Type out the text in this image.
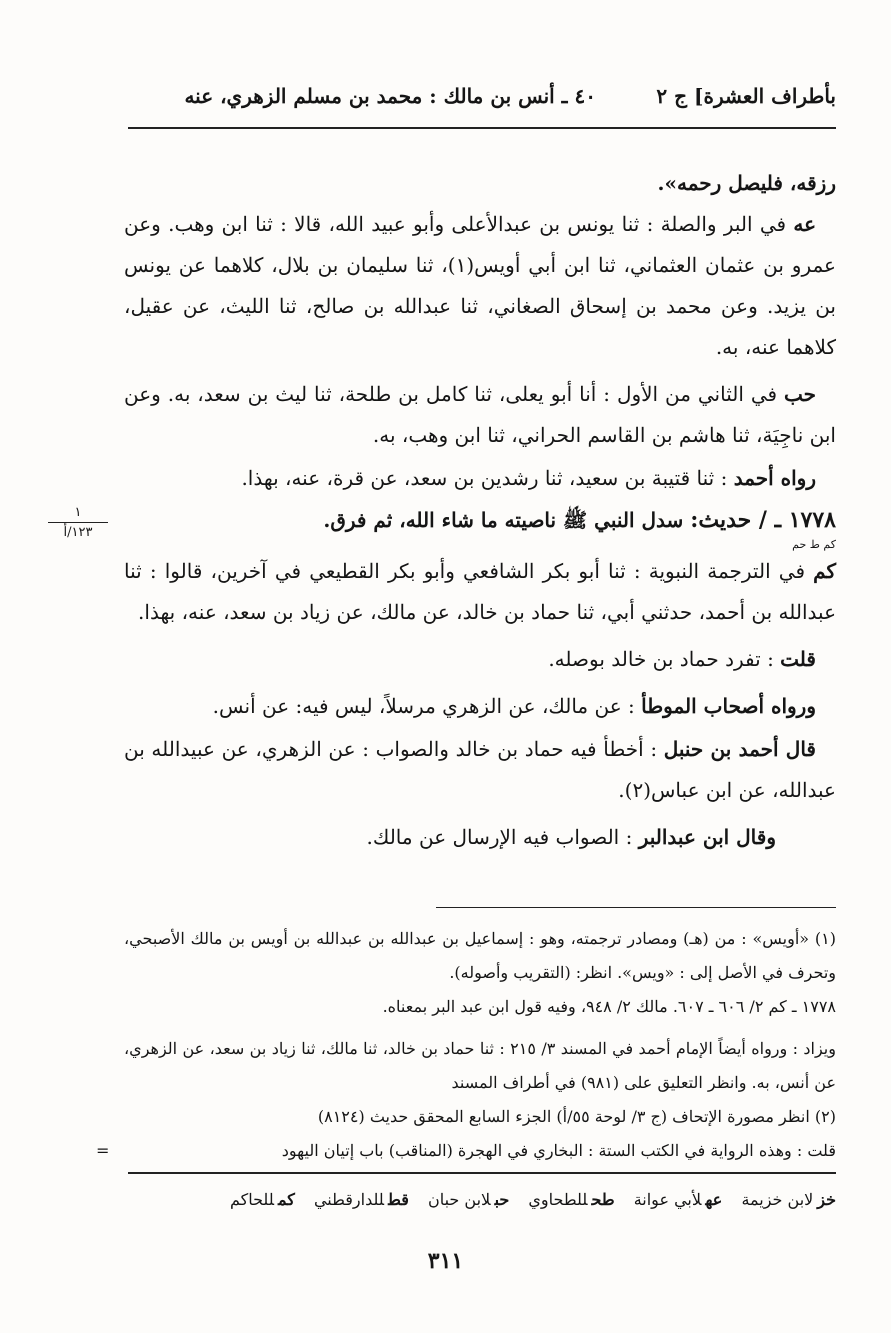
بأطراف العشرة] ج ٢
٤٠ ـ أنس بن مالك : محمد بن مسلم الزهري، عنه
١
١٢٣/أ

رزقه، فليصل رحمه».

عه في البر والصلة : ثنا يونس بن عبدالأعلى وأبو عبيد الله، قالا : ثنا ابن وهب. وعن عمرو بن عثمان العثماني، ثنا ابن أبي أويس(١)، ثنا سليمان بن بلال، كلاهما عن يونس بن يزيد. وعن محمد بن إسحاق الصغاني، ثنا عبدالله بن صالح، ثنا الليث، عن عقيل، كلاهما عنه، به.

حب في الثاني من الأول : أنا أبو يعلى، ثنا كامل بن طلحة، ثنا ليث بن سعد، به. وعن ابن ناجِيَة، ثنا هاشم بن القاسم الحراني، ثنا ابن وهب، به.

رواه أحمد : ثنا قتيبة بن سعيد، ثنا رشدين بن سعد، عن قرة، عنه، بهذا.

١٧٧٨ ـ / حديث: سدل النبي ﷺ ناصيته ما شاء الله، ثم فرق.

كم ط حم

كم في الترجمة النبوية : ثنا أبو بكر الشافعي وأبو بكر القطيعي في آخرين، قالوا : ثنا عبدالله بن أحمد، حدثني أبي، ثنا حماد بن خالد، عن مالك، عن زياد بن سعد، عنه، بهذا.

قلت : تفرد حماد بن خالد بوصله.

ورواه أصحاب الموطأ : عن مالك، عن الزهري مرسلاً، ليس فيه: عن أنس.

قال أحمد بن حنبل : أخطأ فيه حماد بن خالد والصواب : عن الزهري، عن عبيدالله بن عبدالله، عن ابن عباس(٢).

وقال ابن عبدالبر : الصواب فيه الإرسال عن مالك.

(١) «أويس» : من (هـ) ومصادر ترجمته، وهو : إسماعيل بن عبدالله بن عبدالله بن أويس بن مالك الأصبحي، وتحرف في الأصل إلى : «ويس». انظر: (التقريب وأصوله).

١٧٧٨ ـ كم ٢/ ٦٠٦ ـ ٦٠٧. مالك ٢/ ٩٤٨، وفيه قول ابن عبد البر بمعناه.

ويزاد : ورواه أيضاً الإمام أحمد في المسند ٣/ ٢١٥ : ثنا حماد بن خالد، ثنا مالك، ثنا زياد بن سعد، عن الزهري، عن أنس، به. وانظر التعليق على (٩٨١) في أطراف المسند

(٢) انظر مصورة الإتحاف (ج ٣/ لوحة ٥٥/أ) الجزء السابع المحقق حديث (٨١٢٤)

قلت : وهذه الرواية في الكتب الستة : البخاري في الهجرة (المناقب) باب إتيان اليهود
=

خزلابن خزيمة عهلأبي عوانة طحللطحاوي حبلابن حبان قطللدارقطني كمللحاكم
٣١١
